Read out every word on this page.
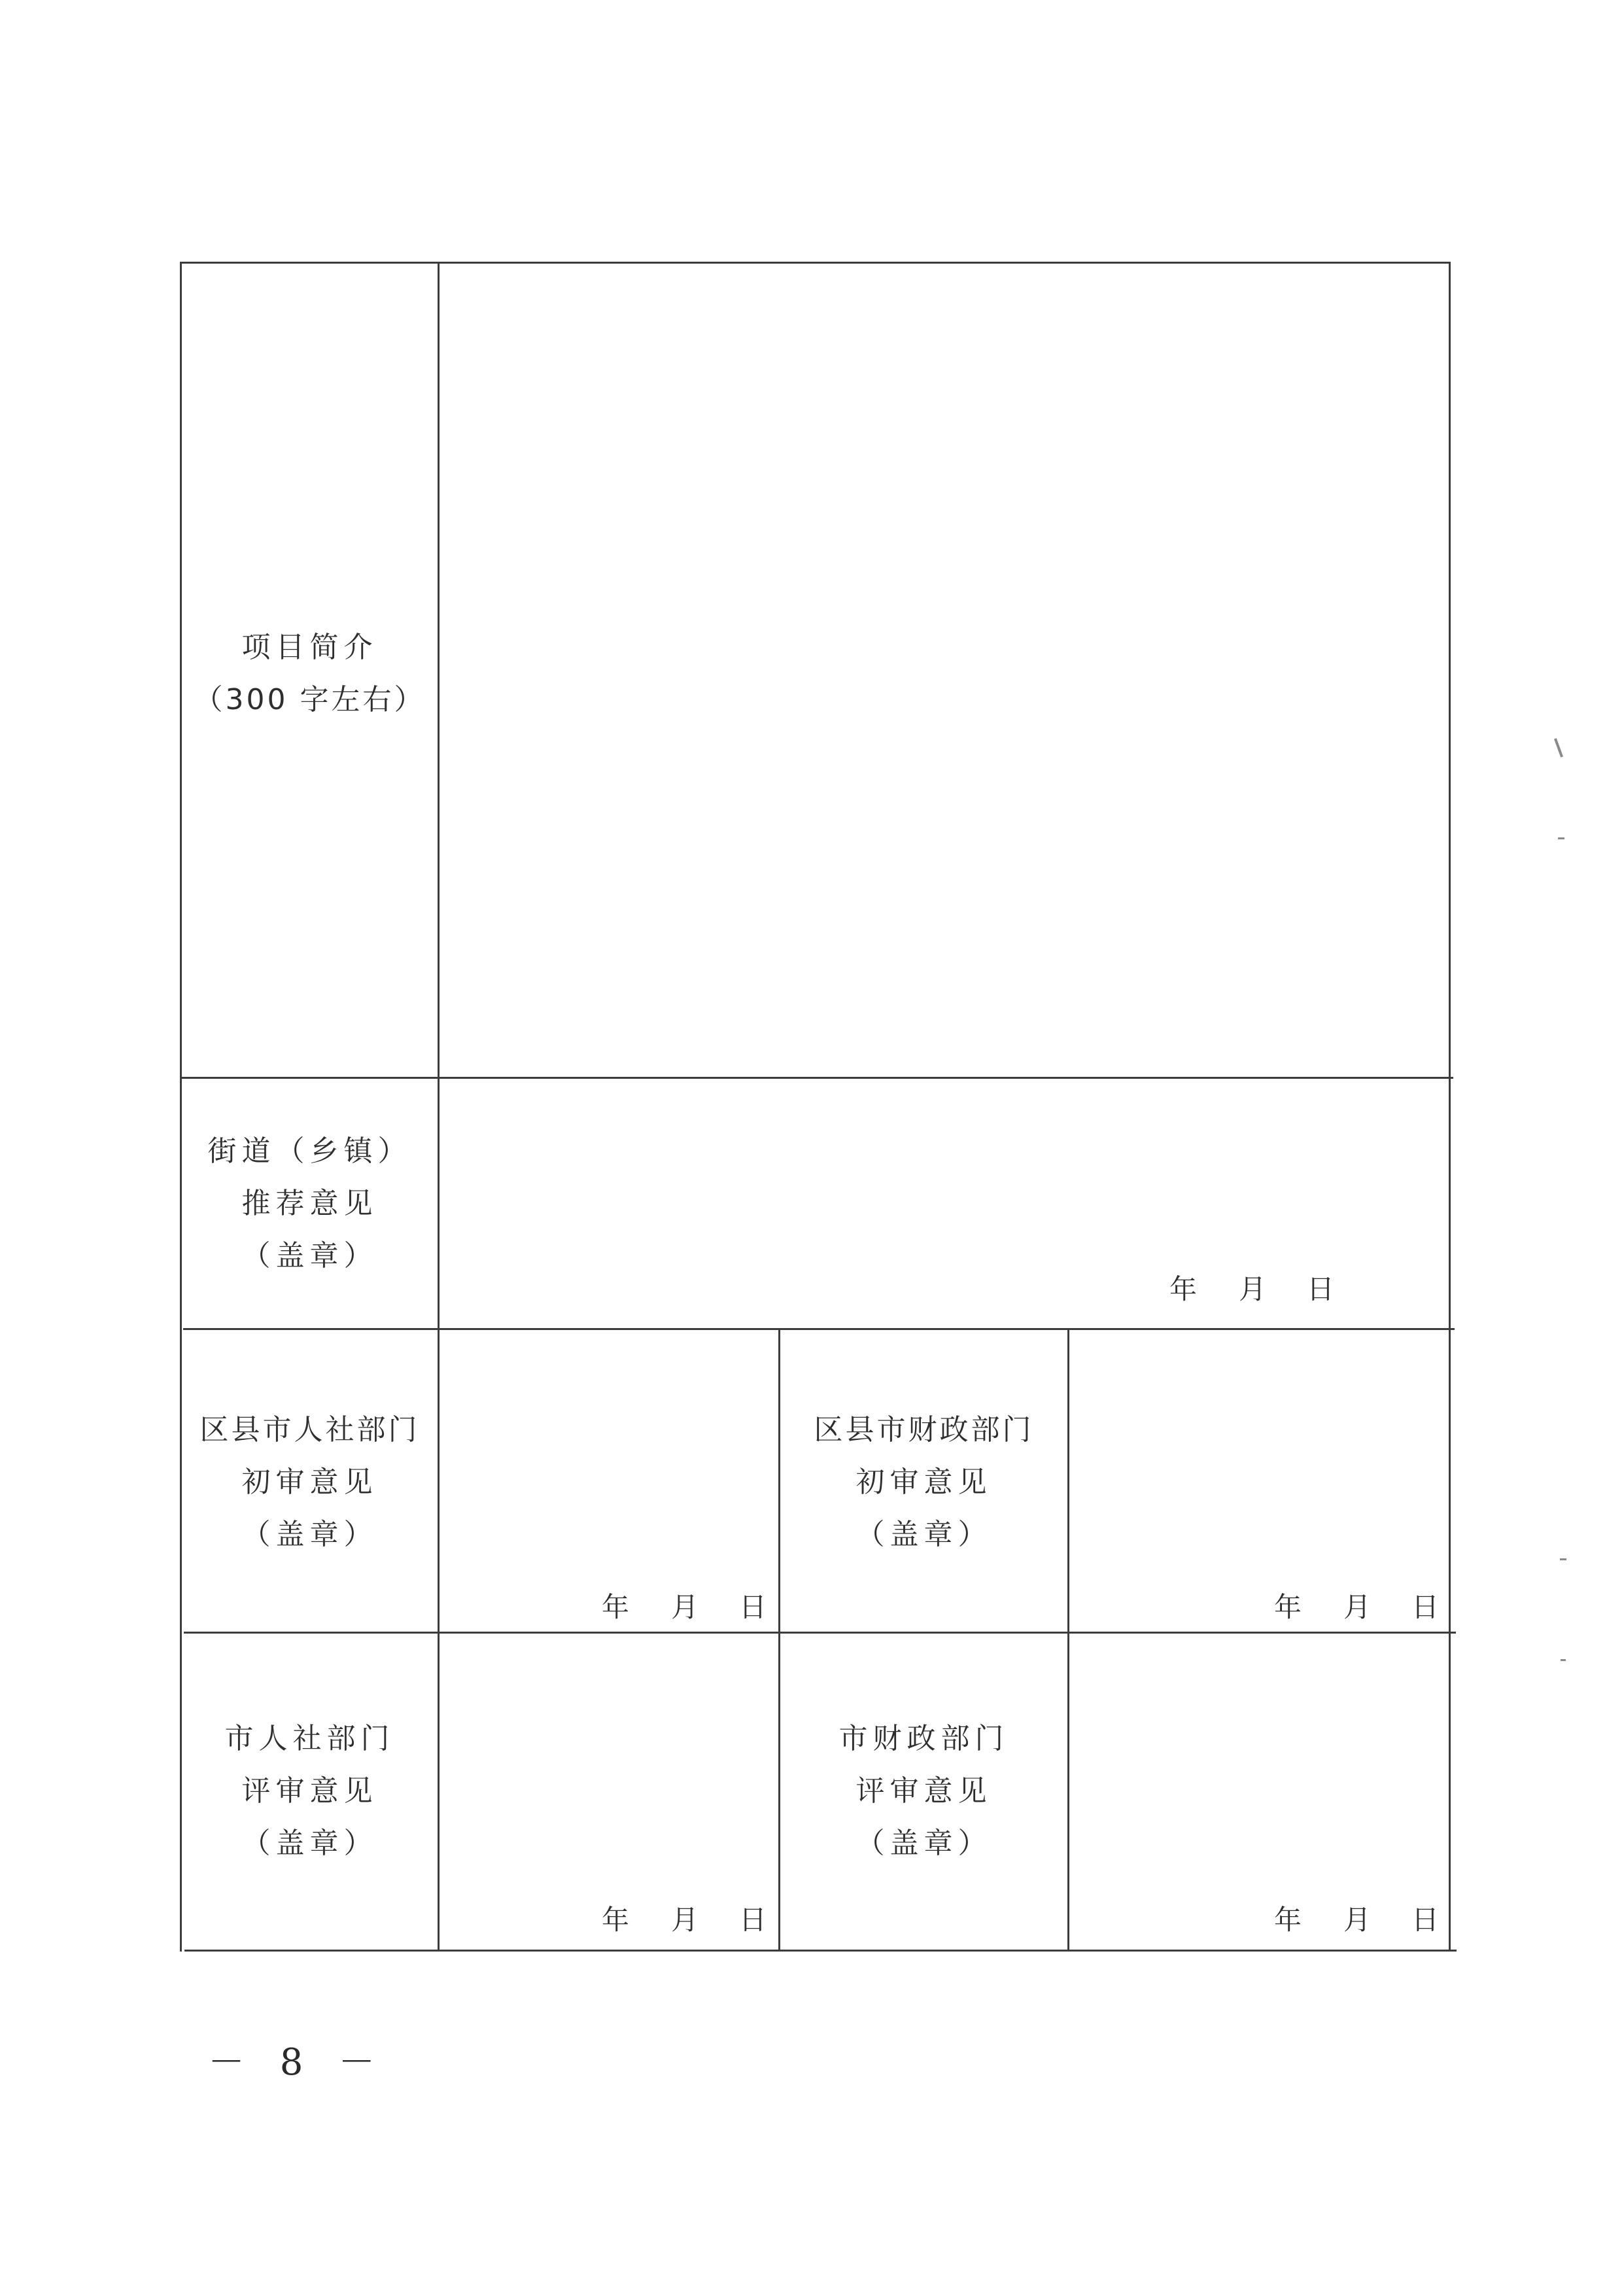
项目简介
（300 字左右）
街道（乡镇）
推荐意见
（盖章）
年 月 日
区县市人社部门
初审意见
（盖章）
年 月 日
区县市财政部门
初审意见
（盖章）
年 月 日
市人社部门
评审意见
（盖章）
年 月 日
市财政部门
评审意见
（盖章）
年 月 日
－ 8 －
